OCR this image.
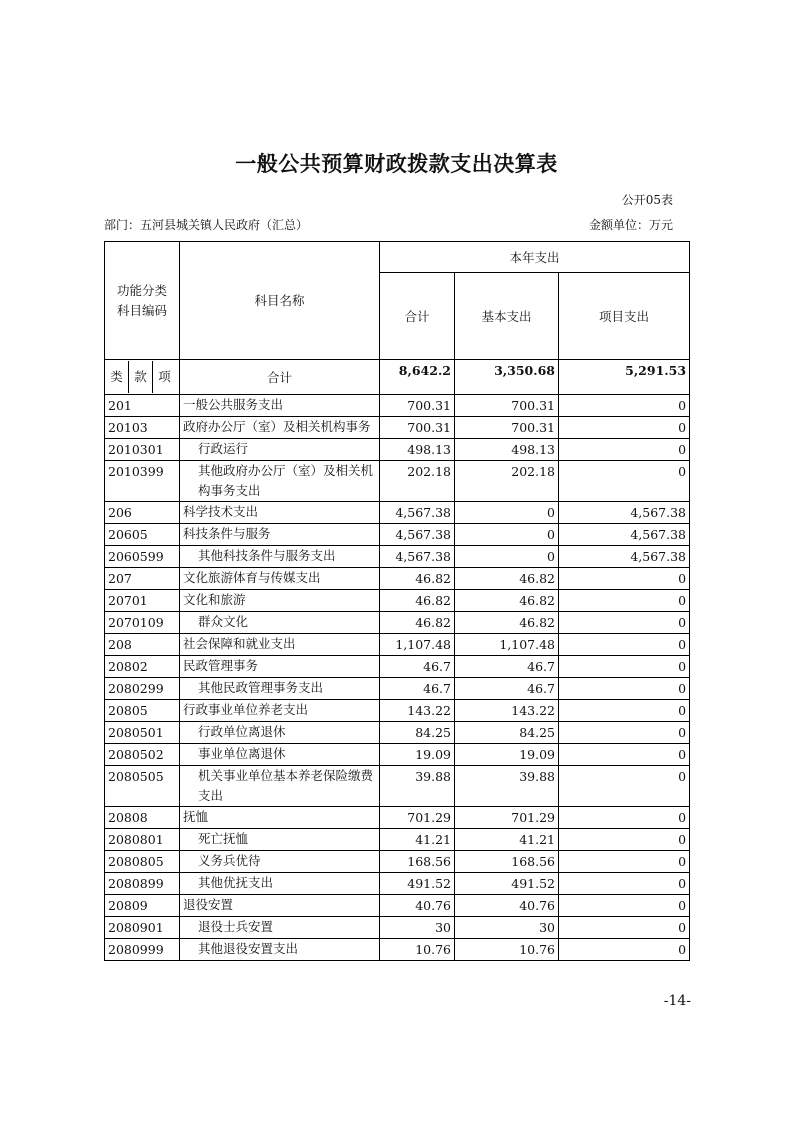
一般公共预算财政拨款支出决算表
公开05表
部门：五河县城关镇人民政府（汇总）	金额单位：万元
功能分类
科目编码	科目名称	本年支出		
		合计	基本支出	项目支出
类 款 项	合计	8,642.2	3,350.68	5,291.53
201	一般公共服务支出	700.31	700.31	0
20103	政府办公厅（室）及相关机构事务	700.31	700.31	0
2010301	行政运行	498.13	498.13	0
2010399	其他政府办公厅（室）及相关机构事务支出	202.18	202.18	0
206	科学技术支出	4,567.38	0	4,567.38
20605	科技条件与服务	4,567.38	0	4,567.38
2060599	其他科技条件与服务支出	4,567.38	0	4,567.38
207	文化旅游体育与传媒支出	46.82	46.82	0
20701	文化和旅游	46.82	46.82	0
2070109	群众文化	46.82	46.82	0
208	社会保障和就业支出	1,107.48	1,107.48	0
20802	民政管理事务	46.7	46.7	0
2080299	其他民政管理事务支出	46.7	46.7	0
20805	行政事业单位养老支出	143.22	143.22	0
2080501	行政单位离退休	84.25	84.25	0
2080502	事业单位离退休	19.09	19.09	0
2080505	机关事业单位基本养老保险缴费支出	39.88	39.88	0
20808	抚恤	701.29	701.29	0
2080801	死亡抚恤	41.21	41.21	0
2080805	义务兵优待	168.56	168.56	0
2080899	其他优抚支出	491.52	491.52	0
20809	退役安置	40.76	40.76	0
2080901	退役士兵安置	30	30	0
2080999	其他退役安置支出	10.76	10.76	0
-14-
